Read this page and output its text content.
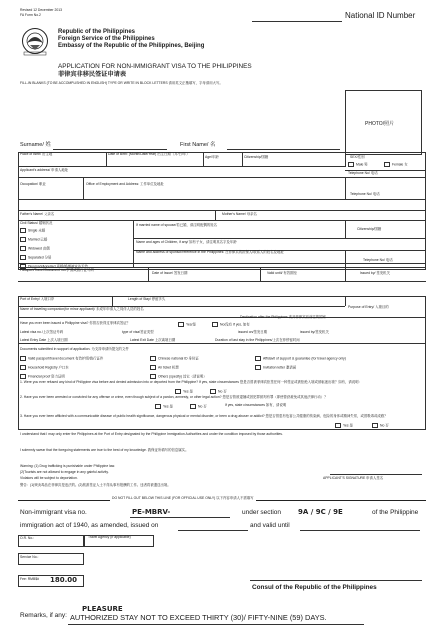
Revised 12 December 2013
FA Form No.2	National ID Number
Republic of the Philippines
Foreign Service of the Philippines
Embassy of the Republic of the Philippines, Beijing
APPLICATION FOR NON-IMMIGRANT VISA TO THE PHILIPPINES
菲律宾非移民签证申请表
FILL-IN BLANKS (TO BE ACCOMPLISHED IN ENGLISH) TYPE OR WRITE IN BLOCK LETTERS 请用英文正楷填写，字母请用大写。
PHOTO/照片
Surname/ 姓	First Name/ 名
Place of Birth/ 出生地	Date of Birth: (Month/Date/Year) 出生日期（月/日/年）
Age/年龄	Citizenship/国籍	SEX/性别
Male 男	Female 女
Applicant's address/ 申请人地址
Telephone No/ 电话
Occupation/ 职业	Office of Employment and Address: 工作单位及地址
Telephone No/ 电话
Father's Name/ 父亲名	Mother's Name/ 母亲名
Civil Status/ 婚姻状况
Single 未婚
Married 已婚
Widowed 丧偶
Separated 分居
Divorced/Annulled 离婚/婚姻被宣告无效
If married name of spouse/若已婚，请注明配偶的姓名
Citizenship/国籍
Name and ages of Children, if any/ 如有子女，请注明其名字及年龄
Name and address of sponsor/reference in the Philippines: 在菲律宾的担保人/联系人的姓名及地址
Telephone No/ 电话
Passport/Travel Document no./护照或旅行证号码
Date of Issue/ 签发日期	Valid until/ 有效期至	Issued by/ 签发机关
Port of Entry/ 入境口岸	Length of Stay/ 停留多久
Purpose of Entry/ 入境目的
Name of traveling companion(for minor applicant)/ 未成年申请人之同伴人员的姓名
Destination after the Philippines 离开菲律宾后前往的国家
Have you ever been issued a Philippine visa? 你曾否获得过菲律宾签证？	Yes/是	No/没有 If yes, 如有
Latest visa no./上次签证号码	type of visa/签证类型	issued on/签发日期	issued by/签发机关
Latest Entry Date 上次入境日期	Latest Exit Date 上次离境日期	Duration of last stay in the Philippines/上次在菲停留时间
Documents submitted in support of application. 为支持申请所提交的文件
Valid passport/travel document 有效护照/旅行证件	Chinese national ID 身份证	Affidavit of support & guarantee (for travel agency only)
Household Registry 户口本	Air ticket 机票	Invitation letter 邀请函
Financial proof 资力证明	Others (specify) 其它（请说明）
1. Were you ever refused any kind of Philippine visa before and denied admission into or deported from the Philippine? If yes, state circumstances 您是否曾被菲律宾拒签任何一种签证或被拒绝入境或被驱逐出境？如有，请说明：
Yes 是	No 否
2. Have you ever been arrested or convicted for any offense or crime, even though subject of a pardon, amnesty, or other legal action? 您是否曾被逮捕或因犯罪被判有罪（即使曾获赦免或其他法律行动）？
Yes 是	No 否	If yes, state circumstances 如有，请说明
3. Have you ever been afflicted with a communicable disease of public health significance, dangerous physical or mental disorder, or been a drug abuser or addict? 您是否曾患有危害公共健康的传染病、危险的身体或精神失常，或曾吸毒或成瘾？
Yes 是	No 否
I understand that I may only enter the Philippines at the Port of Entry designated by the Philippine Immigration Authorities and under the condition imposed by those authorities.
I solemnly swear that the foregoing statements are true to the best of my knowledge. 我保证所填写的信息属实。
Warning: (1) Drug trafficking is punishable under Philippine law.
(2)Tourists are not allowed to engage in any gainful activity.
Violators will be subject to deportation.
警告：(1)贩卖毒品在菲律宾是违法的。(2)旅游签证人士不得从事有报酬的工作。违者将被遣送出境。
APPLICANT'S SIGNATURE 申请人签名
DO NOT FILL OUT BELOW THIS LINE (FOR OFFICIAL USE ONLY) 以下内容申请人不需填写
Non-immigrant visa no.	PE-MBRV-	under section 9A / 9C / 9E	of the Philippine
immigration act of 1940, as amended, issued on	and valid until
O.R. No.:	Travel Agency (If applicable)
Service No.:
Fee: RMB$# 180.00
Consul of the Republic of the Philippines
Remarks, if any:
PLEASURE
AUTHORIZED STAY NOT TO EXCEED THIRTY (30)/ FIFTY-NINE (59) DAYS.
